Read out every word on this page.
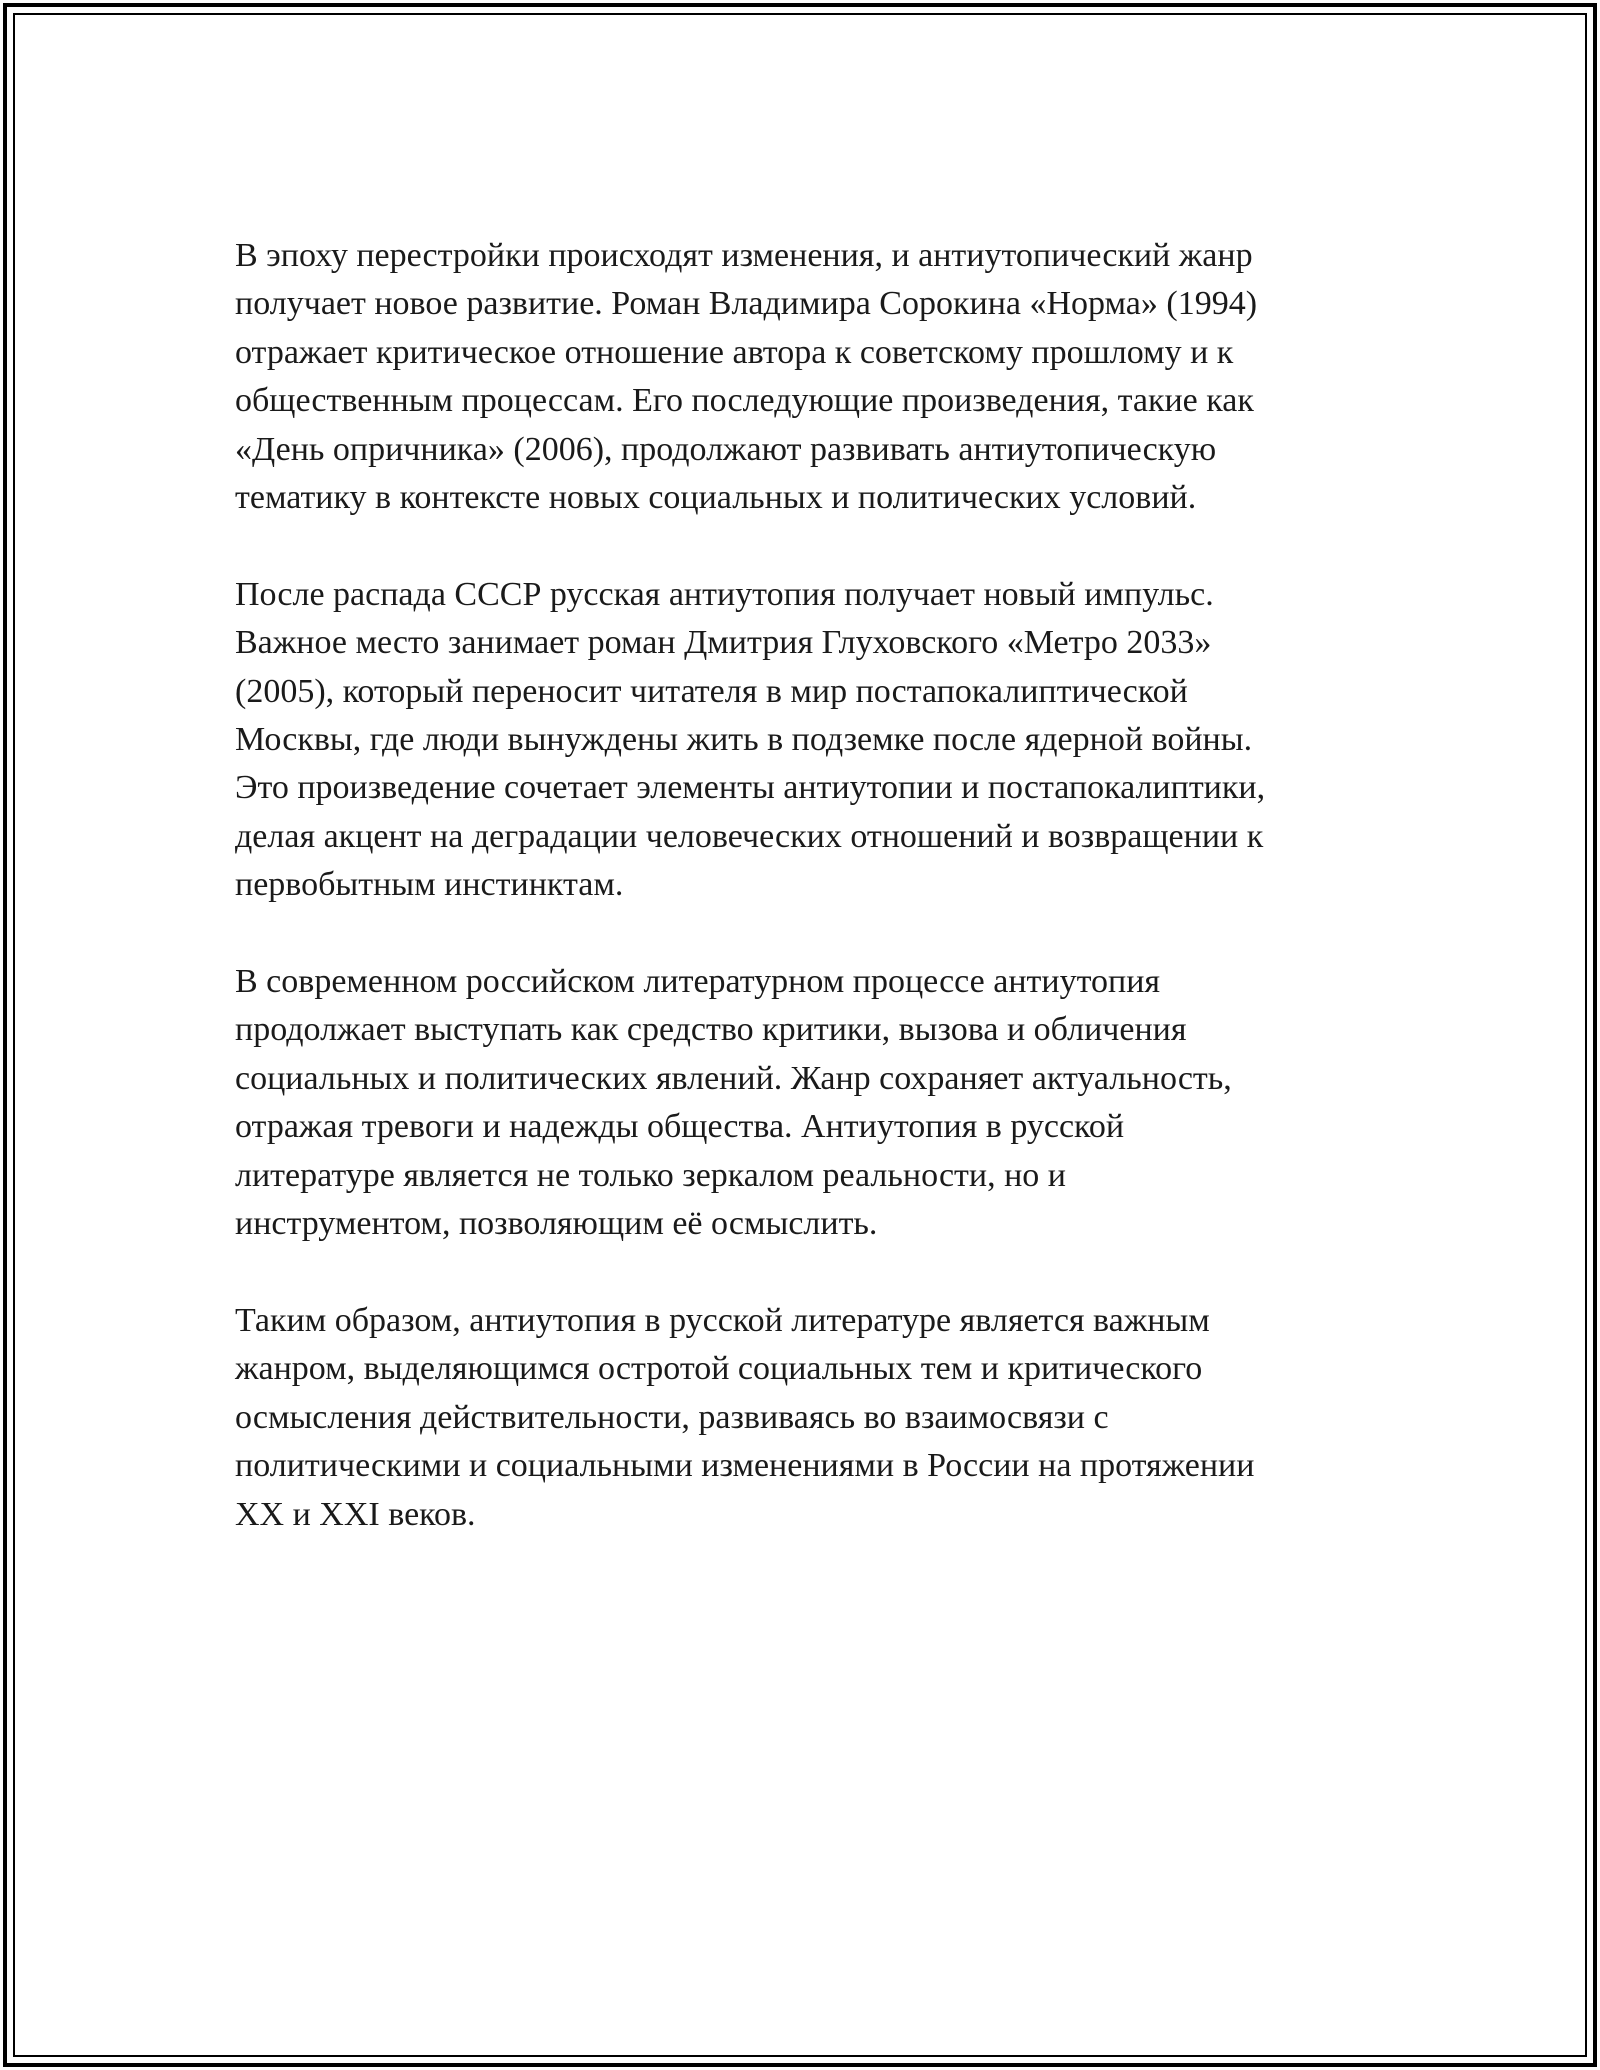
В эпоху перестройки происходят изменения, и антиутопический жанр
получает новое развитие. Роман Владимира Сорокина «Норма» (1994)
отражает критическое отношение автора к советскому прошлому и к
общественным процессам. Его последующие произведения, такие как
«День опричника» (2006), продолжают развивать антиутопическую
тематику в контексте новых социальных и политических условий.

После распада СССР русская антиутопия получает новый импульс.
Важное место занимает роман Дмитрия Глуховского «Метро 2033»
(2005), который переносит читателя в мир постапокалиптической
Москвы, где люди вынуждены жить в подземке после ядерной войны.
Это произведение сочетает элементы антиутопии и постапокалиптики,
делая акцент на деградации человеческих отношений и возвращении к
первобытным инстинктам.

В современном российском литературном процессе антиутопия
продолжает выступать как средство критики, вызова и обличения
социальных и политических явлений. Жанр сохраняет актуальность,
отражая тревоги и надежды общества. Антиутопия в русской
литературе является не только зеркалом реальности, но и
инструментом, позволяющим её осмыслить.

Таким образом, антиутопия в русской литературе является важным
жанром, выделяющимся остротой социальных тем и критического
осмысления действительности, развиваясь во взаимосвязи с
политическими и социальными изменениями в России на протяжении
XX и XXI веков.
